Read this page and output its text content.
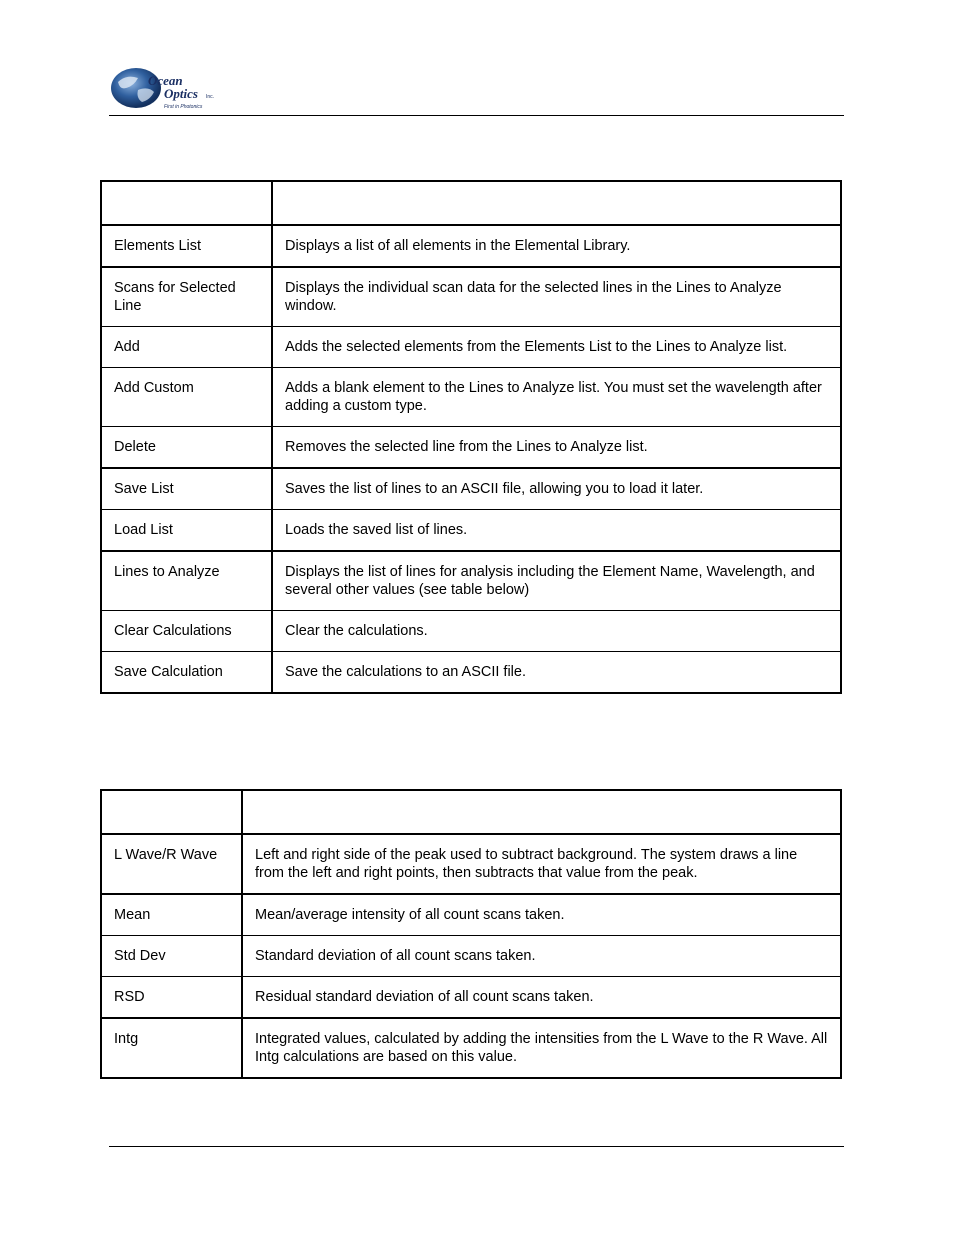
Ocean
Optics Inc.
First in Photonics

Elements List	Displays a list of all elements in the Elemental Library.

Scans for Selected Line	Displays the individual scan data for the selected lines in the Lines to Analyze window.

Add	Adds the selected elements from the Elements List to the Lines to Analyze list.

Add Custom	Adds a blank element to the Lines to Analyze list. You must set the wavelength after adding a custom type.

Delete	Removes the selected line from the Lines to Analyze list.

Save List	Saves the list of lines to an ASCII file, allowing you to load it later.

Load List	Loads the saved list of lines.

Lines to Analyze	Displays the list of lines for analysis including the Element Name, Wavelength, and several other values (see table below)

Clear Calculations	Clear the calculations.

Save Calculation	Save the calculations to an ASCII file.

L Wave/R Wave	Left and right side of the peak used to subtract background. The system draws a line from the left and right points, then subtracts that value from the peak.

Mean	Mean/average intensity of all count scans taken.

Std Dev	Standard deviation of all count scans taken.

RSD	Residual standard deviation of all count scans taken.

Intg	Integrated values, calculated by adding the intensities from the L Wave to the R Wave. All Intg calculations are based on this value.
